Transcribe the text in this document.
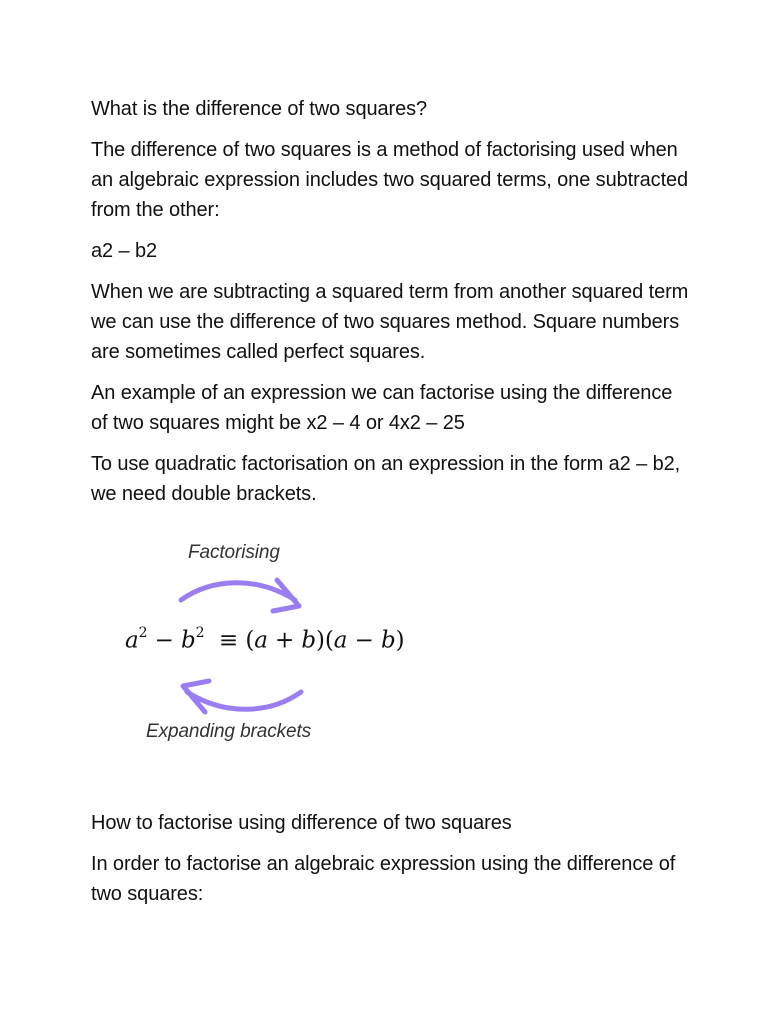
What is the difference of two squares?

The difference of two squares is a method of factorising used when an algebraic expression includes two squared terms, one subtracted from the other:

a2 – b2

When we are subtracting a squared term from another squared term we can use the difference of two squares method. Square numbers are sometimes called perfect squares.

An example of an expression we can factorise using the difference of two squares might be x2 – 4 or 4x2 – 25

To use quadratic factorisation on an expression in the form a2 – b2, we need double brackets.

Factorising
$a^2 - b^2 \equiv (a + b)(a - b)$
Expanding brackets

How to factorise using difference of two squares

In order to factorise an algebraic expression using the difference of two squares:
